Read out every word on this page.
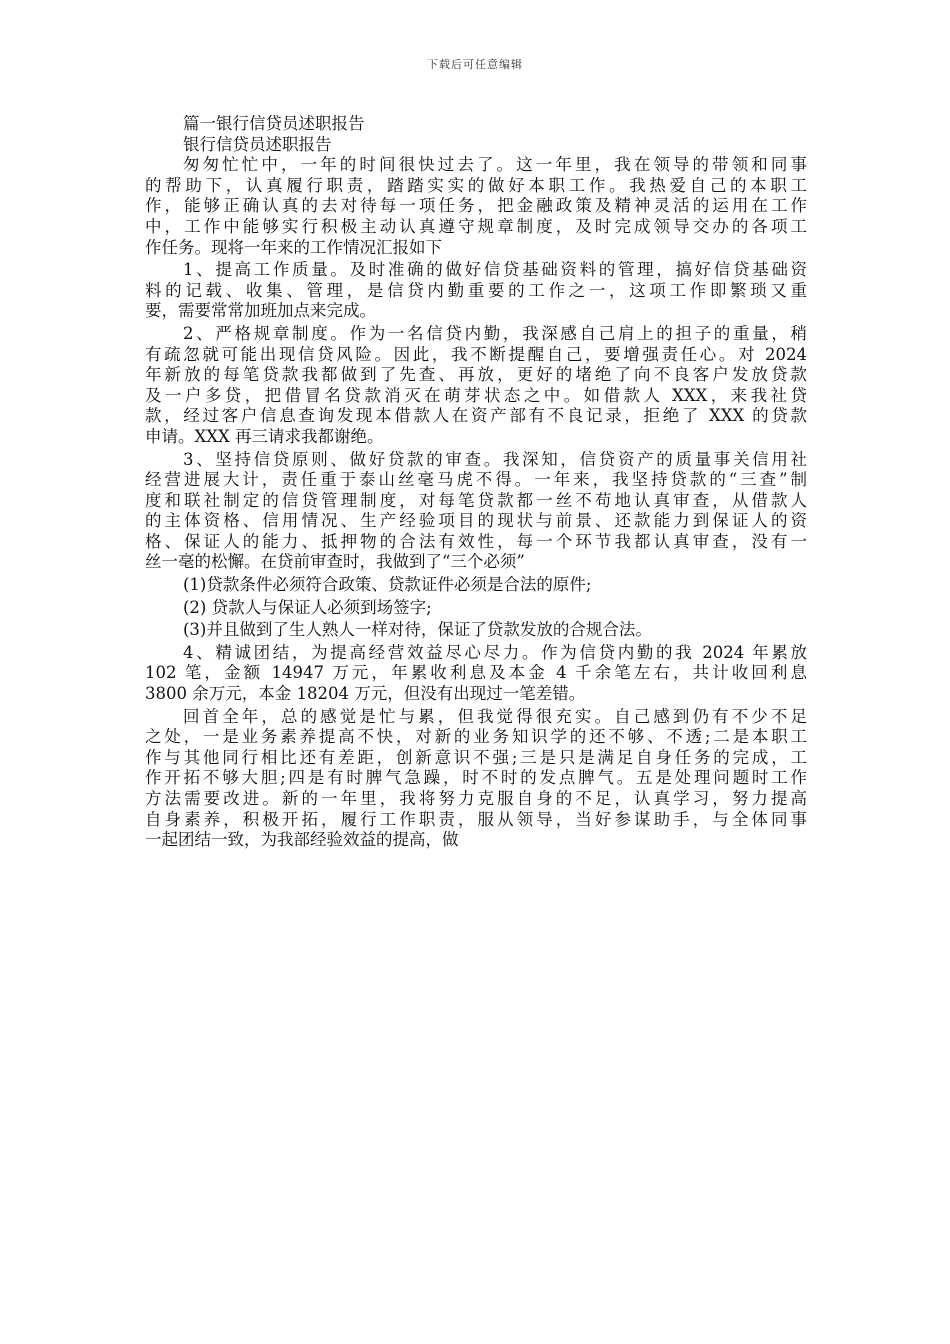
下载后可任意编辑
篇一银行信贷员述职报告
银行信贷员述职报告
匆匆忙忙中，一年的时间很快过去了。这一年里，我在领导的带领和同事
的帮助下，认真履行职责，踏踏实实的做好本职工作。我热爱自己的本职工
作，能够正确认真的去对待每一项任务，把金融政策及精神灵活的运用在工作
中，工作中能够实行积极主动认真遵守规章制度，及时完成领导交办的各项工
作任务。现将一年来的工作情况汇报如下
1、提高工作质量。及时准确的做好信贷基础资料的管理，搞好信贷基础资
料的记载、收集、管理，是信贷内勤重要的工作之一，这项工作即繁琐又重
要，需要常常加班加点来完成。
2、严格规章制度。作为一名信贷内勤，我深感自己肩上的担子的重量，稍
有疏忽就可能出现信贷风险。因此，我不断提醒自己，要增强责任心。对 2024
年新放的每笔贷款我都做到了先查、再放，更好的堵绝了向不良客户发放贷款
及一户多贷，把借冒名贷款消灭在萌芽状态之中。如借款人 XXX，来我社贷
款，经过客户信息查询发现本借款人在资产部有不良记录，拒绝了 XXX 的贷款
申请。XXX 再三请求我都谢绝。
3、坚持信贷原则、做好贷款的审查。我深知，信贷资产的质量事关信用社
经营进展大计，责任重于泰山丝毫马虎不得。一年来，我坚持贷款的“三查”制
度和联社制定的信贷管理制度，对每笔贷款都一丝不苟地认真审查，从借款人
的主体资格、信用情况、生产经验项目的现状与前景、还款能力到保证人的资
格、保证人的能力、抵押物的合法有效性，每一个环节我都认真审查，没有一
丝一毫的松懈。在贷前审查时，我做到了“三个必须”
(1)贷款条件必须符合政策、贷款证件必须是合法的原件;
(2) 贷款人与保证人必须到场签字;
(3)并且做到了生人熟人一样对待，保证了贷款发放的合规合法。
4、精诚团结，为提高经营效益尽心尽力。作为信贷内勤的我 2024 年累放
102 笔，金额 14947 万元，年累收利息及本金 4 千余笔左右，共计收回利息
3800 余万元，本金 18204 万元，但没有出现过一笔差错。
回首全年，总的感觉是忙与累，但我觉得很充实。自己感到仍有不少不足
之处，一是业务素养提高不快，对新的业务知识学的还不够、不透;二是本职工
作与其他同行相比还有差距，创新意识不强;三是只是满足自身任务的完成，工
作开拓不够大胆;四是有时脾气急躁，时不时的发点脾气。五是处理问题时工作
方法需要改进。新的一年里，我将努力克服自身的不足，认真学习，努力提高
自身素养，积极开拓，履行工作职责，服从领导，当好参谋助手，与全体同事
一起团结一致，为我部经验效益的提高，做
